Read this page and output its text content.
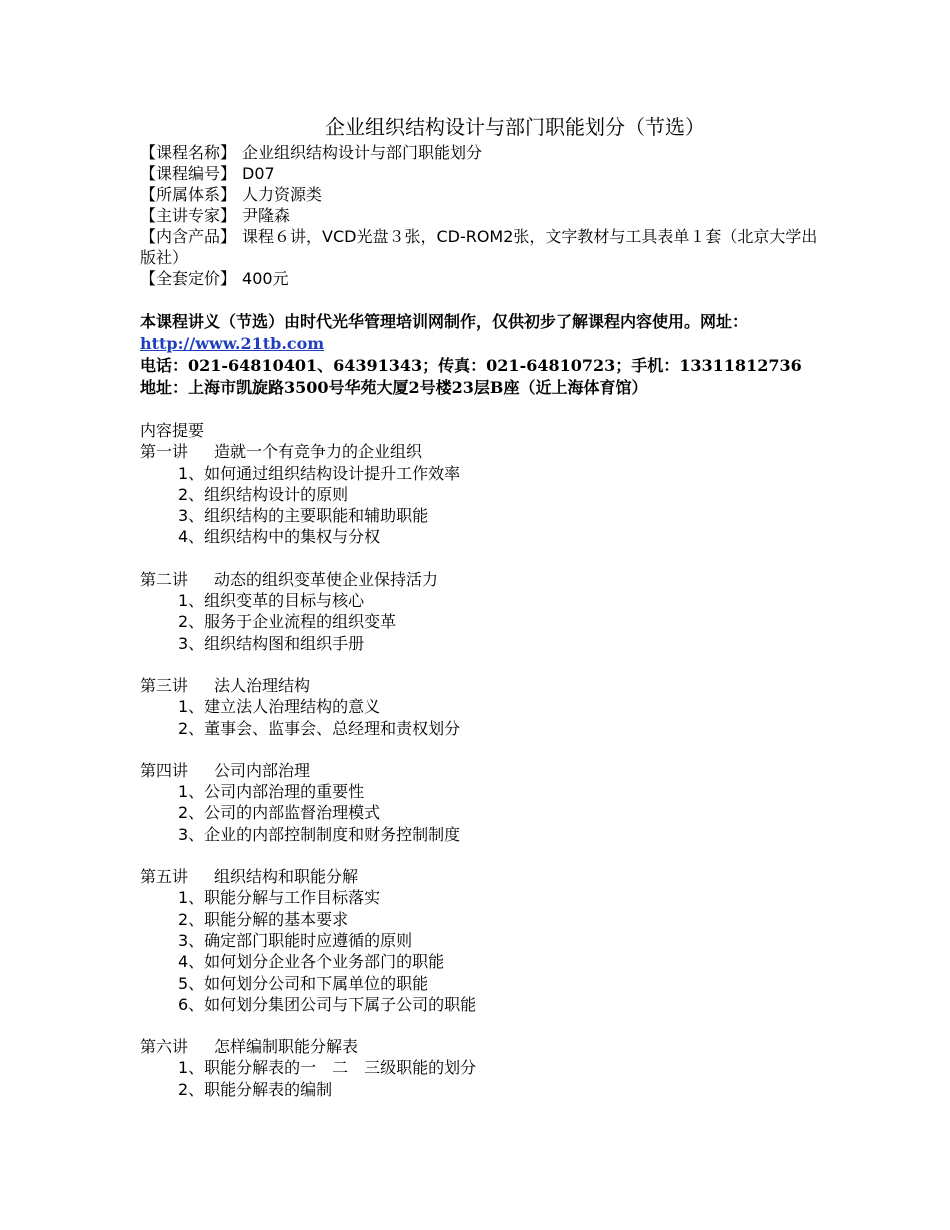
企业组织结构设计与部门职能划分（节选）
【课程名称】 企业组织结构设计与部门职能划分
【课程编号】 D07
【所属体系】 人力资源类
【主讲专家】 尹隆森
【内含产品】 课程６讲，VCD光盘３张，CD-ROM2张，文字教材与工具表单１套（北京大学出版社）
【全套定价】 400元
本课程讲义（节选）由时代光华管理培训网制作，仅供初步了解课程内容使用。网址：http://www.21tb.com
电话：021-64810401、64391343；传真：021-64810723；手机：13311812736
地址：上海市凯旋路3500号华苑大厦2号楼23层B座（近上海体育馆）
内容提要
第一讲 造就一个有竞争力的企业组织
1、如何通过组织结构设计提升工作效率
2、组织结构设计的原则
3、组织结构的主要职能和辅助职能
4、组织结构中的集权与分权
第二讲 动态的组织变革使企业保持活力
1、组织变革的目标与核心
2、服务于企业流程的组织变革
3、组织结构图和组织手册
第三讲 法人治理结构
1、建立法人治理结构的意义
2、董事会、监事会、总经理和责权划分
第四讲 公司内部治理
1、公司内部治理的重要性
2、公司的内部监督治理模式
3、企业的内部控制制度和财务控制制度
第五讲 组织结构和职能分解
1、职能分解与工作目标落实
2、职能分解的基本要求
3、确定部门职能时应遵循的原则
4、如何划分企业各个业务部门的职能
5、如何划分公司和下属单位的职能
6、如何划分集团公司与下属子公司的职能
第六讲 怎样编制职能分解表
1、职能分解表的一　二　三级职能的划分
2、职能分解表的编制
